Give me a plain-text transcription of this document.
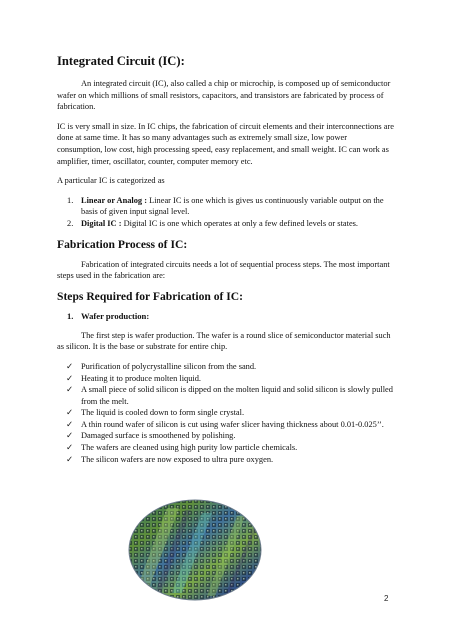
Integrated Circuit (IC):

An integrated circuit (IC), also called a chip or microchip, is composed up of semiconductor wafer on which millions of small resistors, capacitors, and transistors are fabricated by process of fabrication.

IC is very small in size. In IC chips, the fabrication of circuit elements and their interconnections are done at same time. It has so many advantages such as extremely small size, low power consumption, low cost, high processing speed, easy replacement, and small weight. IC can work as amplifier, timer, oscillator, counter, computer memory etc.

A particular IC is categorized as

1. Linear or Analog : Linear IC is one which is gives us continuously variable output on the basis of given input signal level.
2. Digital IC : Digital IC is one which operates at only a few defined levels or states.
Fabrication Process of IC:

Fabrication of integrated circuits needs a lot of sequential process steps. The most important steps used in the fabrication are:

Steps Required for Fabrication of IC:
1. Wafer production:

The first step is wafer production. The wafer is a round slice of semiconductor material such as silicon. It is the base or substrate for entire chip.

✓ Purification of polycrystalline silicon from the sand.
✓ Heating it to produce molten liquid.
✓ A small piece of solid silicon is dipped on the molten liquid and solid silicon is slowly pulled from the melt.
✓ The liquid is cooled down to form single crystal.
✓ A thin round wafer of silicon is cut using wafer slicer having thickness about 0.01-0.025’’.
✓ Damaged surface is smoothened by polishing.
✓ The wafers are cleaned using high purity low particle chemicals.
✓ The silicon wafers are now exposed to ultra pure oxygen.
2
